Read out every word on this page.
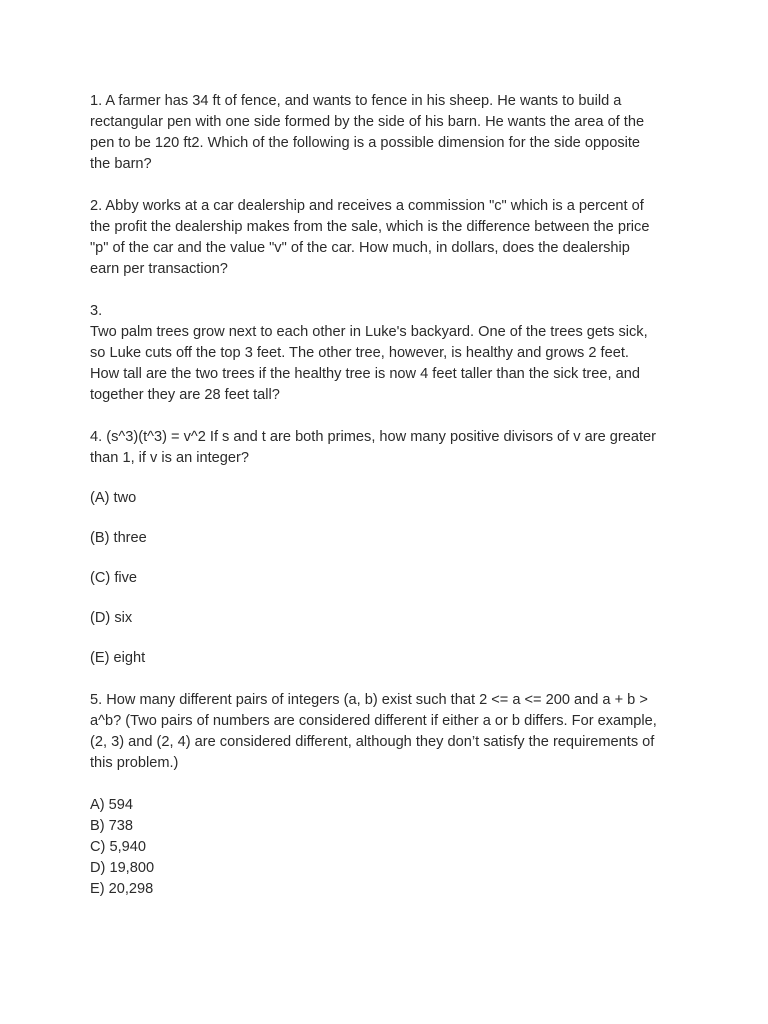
1. A farmer has 34 ft of fence, and wants to fence in his sheep. He wants to build a
rectangular pen with one side formed by the side of his barn. He wants the area of the
pen to be 120 ft2. Which of the following is a possible dimension for the side opposite
the barn?

2. Abby works at a car dealership and receives a commission "c" which is a percent of
the profit the dealership makes from the sale, which is the difference between the price
"p" of the car and the value "v" of the car. How much, in dollars, does the dealership
earn per transaction?

3.

Two palm trees grow next to each other in Luke's backyard. One of the trees gets sick,
so Luke cuts off the top 3 feet. The other tree, however, is healthy and grows 2 feet.
How tall are the two trees if the healthy tree is now 4 feet taller than the sick tree, and
together they are 28 feet tall?

4. (s^3)(t^3) = v^2 If s and t are both primes, how many positive divisors of v are greater
than 1, if v is an integer?

(A) two

(B) three

(C) five

(D) six

(E) eight

5. How many different pairs of integers (a, b) exist such that 2 <= a <= 200 and a + b >
a^b? (Two pairs of numbers are considered different if either a or b differs. For example,
(2, 3) and (2, 4) are considered different, although they don’t satisfy the requirements of
this problem.)

A) 594

B) 738

C) 5,940

D) 19,800

E) 20,298
